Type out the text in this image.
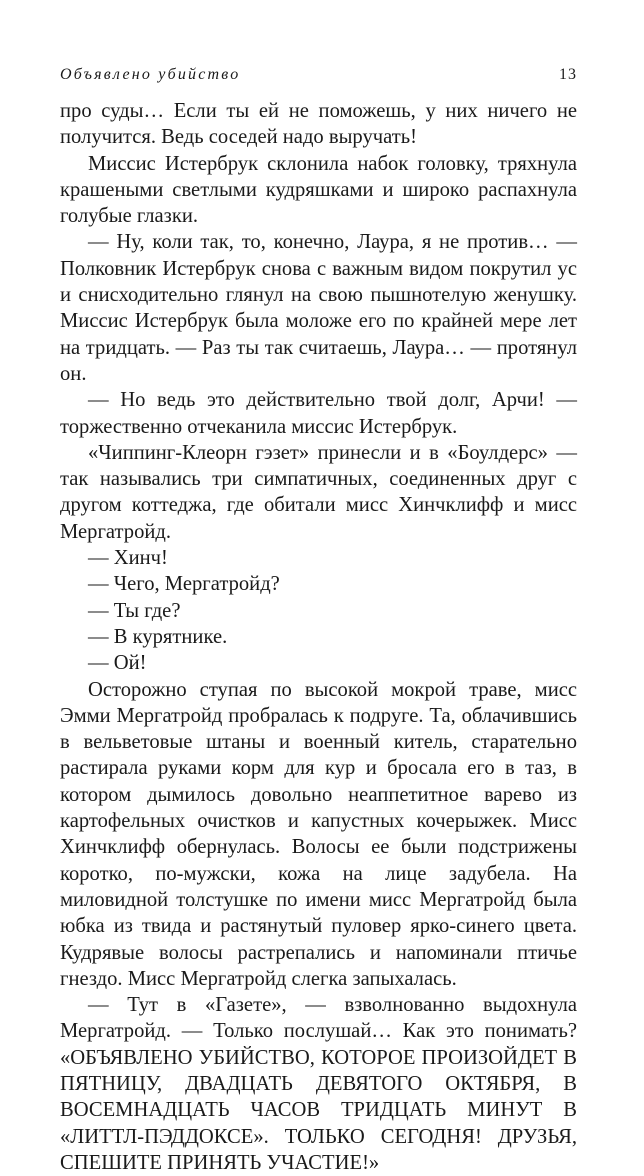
Объявлено убийство	13

про суды… Если ты ей не поможешь, у них ничего не получится. Ведь соседей надо выручать!

Миссис Истербрук склонила набок головку, тряхнула крашеными светлыми кудряшками и широко распахнула голубые глазки.

— Ну, коли так, то, конечно, Лаура, я не против… — Полковник Истербрук снова с важным видом покрутил ус и снисходительно глянул на свою пышнотелую женушку. Миссис Истербрук была моложе его по крайней мере лет на тридцать. — Раз ты так считаешь, Лаура… — протянул он.

— Но ведь это действительно твой долг, Арчи! — торжественно отчеканила миссис Истербрук.

«Чиппинг-Клеорн гэзет» принесли и в «Боулдерс» — так назывались три симпатичных, соединенных друг с другом коттеджа, где обитали мисс Хинчклифф и мисс Мергатройд.

— Хинч!

— Чего, Мергатройд?

— Ты где?

— В курятнике.

— Ой!

Осторожно ступая по высокой мокрой траве, мисс Эмми Мергатройд пробралась к подруге. Та, облачившись в вельветовые штаны и военный китель, старательно растирала руками корм для кур и бросала его в таз, в котором дымилось довольно неаппетитное варево из картофельных очистков и капустных кочерыжек. Мисс Хинчклифф обернулась. Волосы ее были подстрижены коротко, по-мужски, кожа на лице задубела. На миловидной толстушке по имени мисс Мергатройд была юбка из твида и растянутый пуловер ярко-синего цвета. Кудрявые волосы растрепались и напоминали птичье гнездо. Мисс Мергатройд слегка запыхалась.

— Тут в «Газете», — взволнованно выдохнула Мергатройд. — Только послушай… Как это понимать? «ОБЪЯВЛЕНО УБИЙСТВО, КОТОРОЕ ПРОИЗОЙДЕТ В ПЯТНИЦУ, ДВАДЦАТЬ ДЕВЯТОГО ОКТЯБРЯ, В ВОСЕМНАДЦАТЬ ЧАСОВ ТРИДЦАТЬ МИНУТ В «ЛИТТЛ-ПЭДДОКСЕ». ТОЛЬКО СЕГОДНЯ! ДРУЗЬЯ, СПЕШИТЕ ПРИНЯТЬ УЧАСТИЕ!»
